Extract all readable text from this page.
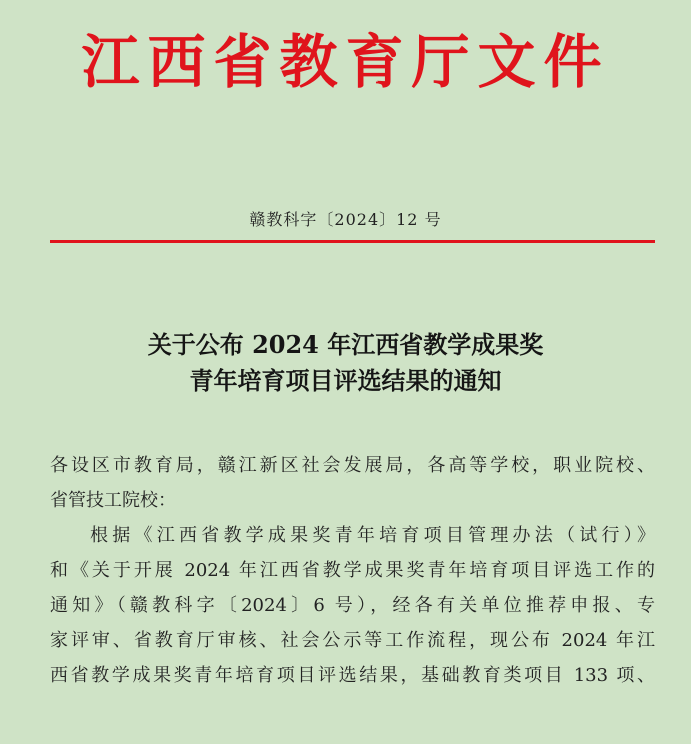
江西省教育厅文件
赣教科字〔2024〕12 号
关于公布 2024 年江西省教学成果奖
青年培育项目评选结果的通知
各设区市教育局，赣江新区社会发展局，各高等学校，职业院校、
省管技工院校：
根据《江西省教学成果奖青年培育项目管理办法（试行）》
和《关于开展 2024 年江西省教学成果奖青年培育项目评选工作的
通知》（赣教科字〔2024〕6 号），经各有关单位推荐申报、专
家评审、省教育厅审核、社会公示等工作流程，现公布 2024 年江
西省教学成果奖青年培育项目评选结果，基础教育类项目 133 项、
